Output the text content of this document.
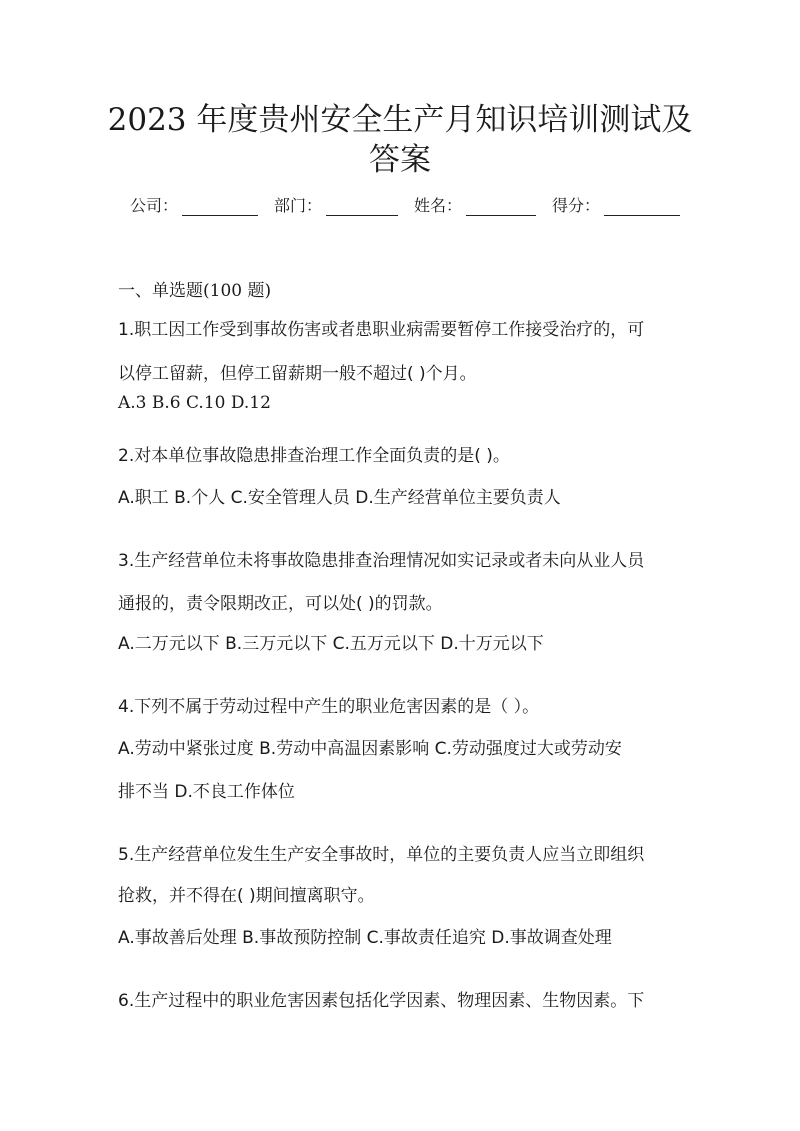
2023 年度贵州安全生产月知识培训测试及
答案
公司：	部门：	姓名：	得分：
一、单选题(100 题)
1.职工因工作受到事故伤害或者患职业病需要暂停工作接受治疗的，可
以停工留薪，但停工留薪期一般不超过( )个月。
A.3 B.6 C.10 D.12
2.对本单位事故隐患排查治理工作全面负责的是( )。
A.职工 B.个人 C.安全管理人员 D.生产经营单位主要负责人
3.生产经营单位未将事故隐患排查治理情况如实记录或者未向从业人员
通报的，责令限期改正，可以处( )的罚款。
A.二万元以下 B.三万元以下 C.五万元以下 D.十万元以下
4.下列不属于劳动过程中产生的职业危害因素的是（ ）。
A.劳动中紧张过度 B.劳动中高温因素影响 C.劳动强度过大或劳动安
排不当 D.不良工作体位
5.生产经营单位发生生产安全事故时，单位的主要负责人应当立即组织
抢救，并不得在( )期间擅离职守。
A.事故善后处理 B.事故预防控制 C.事故责任追究 D.事故调查处理
6.生产过程中的职业危害因素包括化学因素、物理因素、生物因素。下
